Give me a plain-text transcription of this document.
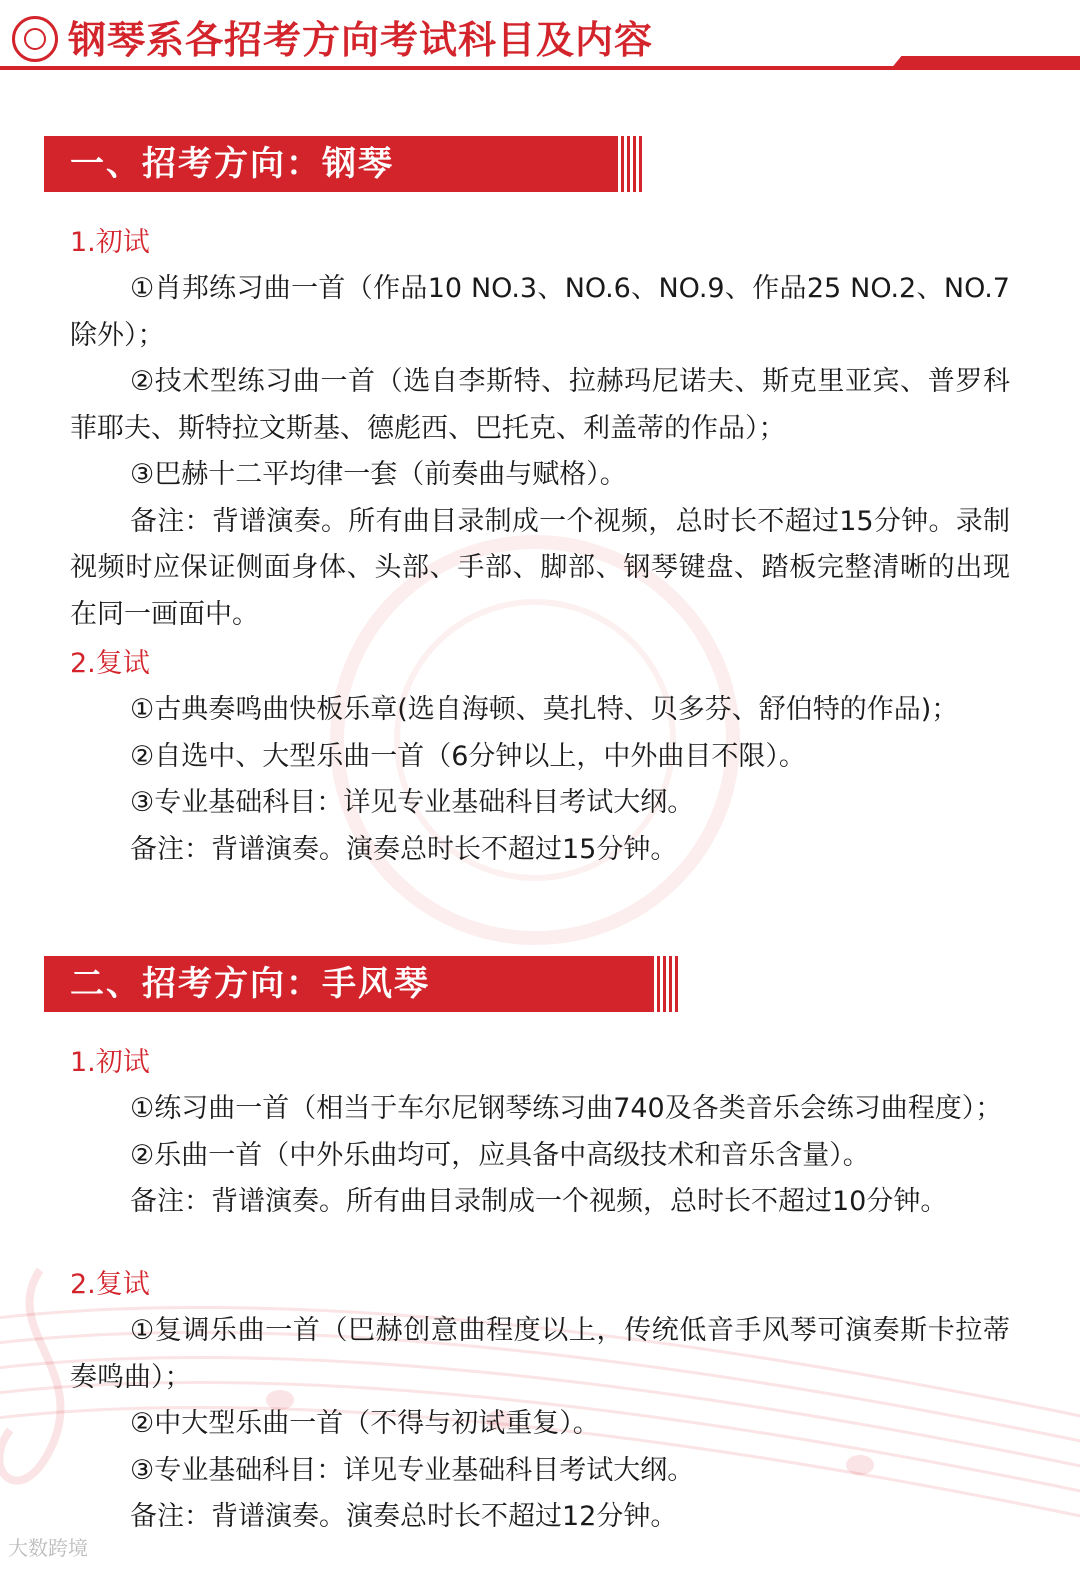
钢琴系各招考方向考试科目及内容
一、招考方向：钢琴
1.初试

①肖邦练习曲一首（作品10 NO.3、NO.6、NO.9、作品25 NO.2、NO.7除外）；

②技术型练习曲一首（选自李斯特、拉赫玛尼诺夫、斯克里亚宾、普罗科菲耶夫、斯特拉文斯基、德彪西、巴托克、利盖蒂的作品）；

③巴赫十二平均律一套（前奏曲与赋格）。

备注：背谱演奏。所有曲目录制成一个视频，总时长不超过15分钟。录制视频时应保证侧面身体、头部、手部、脚部、钢琴键盘、踏板完整清晰的出现在同一画面中。

2.复试

①古典奏鸣曲快板乐章(选自海顿、莫扎特、贝多芬、舒伯特的作品)；

②自选中、大型乐曲一首（6分钟以上，中外曲目不限）。

③专业基础科目：详见专业基础科目考试大纲。

备注：背谱演奏。演奏总时长不超过15分钟。

二、招考方向：手风琴
1.初试

①练习曲一首（相当于车尔尼钢琴练习曲740及各类音乐会练习曲程度）；

②乐曲一首（中外乐曲均可，应具备中高级技术和音乐含量）。

备注：背谱演奏。所有曲目录制成一个视频，总时长不超过10分钟。

2.复试

①复调乐曲一首（巴赫创意曲程度以上，传统低音手风琴可演奏斯卡拉蒂奏鸣曲）；

②中大型乐曲一首（不得与初试重复）。

③专业基础科目：详见专业基础科目考试大纲。

备注：背谱演奏。演奏总时长不超过12分钟。

大数跨境
